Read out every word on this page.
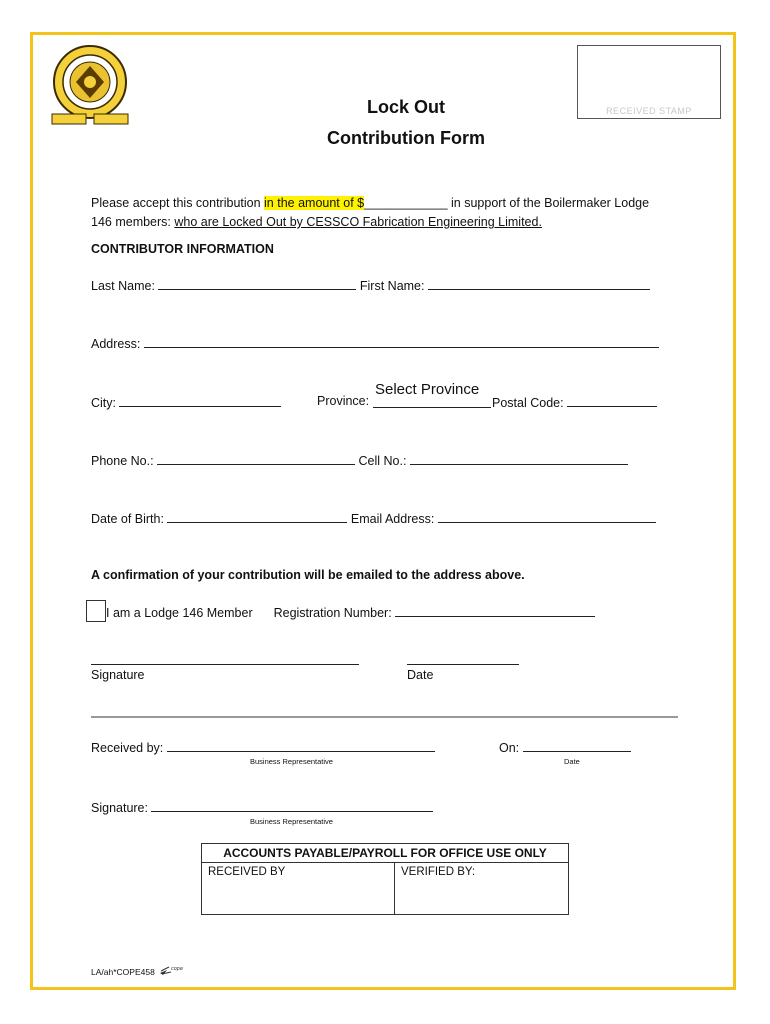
RECEIVED STAMP
Lock Out
Contribution Form
Please accept this contribution in the amount of $____________ in support of the Boilermaker Lodge
146 members: who are Locked Out by CESSCO Fabrication Engineering Limited.
CONTRIBUTOR INFORMATION
Last Name:	First Name:
Address:
City:	Province:
Select Province
Postal Code:
Phone No.:	Cell No.:
Date of Birth:	Email Address:
A confirmation of your contribution will be emailed to the address above.
I am a Lodge 146 Member Registration Number:
Signature	Date
Received by:	On:
Business Representative	Date
Signature:
Business Representative
ACCOUNTS PAYABLE/PAYROLL FOR OFFICE USE ONLY
RECEIVED BY	VERIFIED BY:
LA/ah*COPE458	cope
